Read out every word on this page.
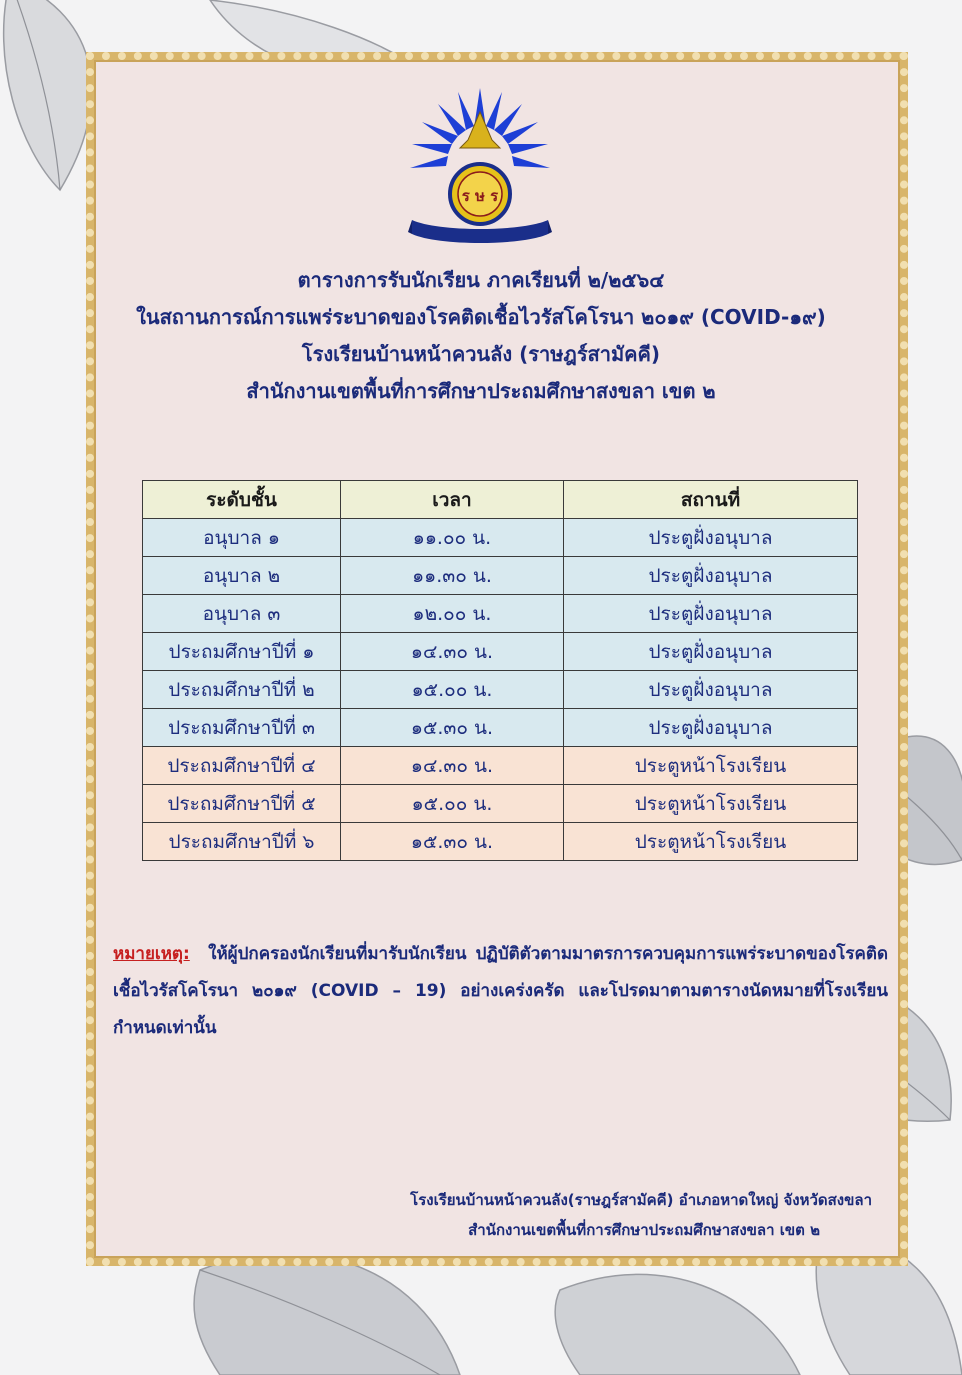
ร ษ ร
ตารางการรับนักเรียน ภาคเรียนที่ ๒/๒๕๖๔
ในสถานการณ์การแพร่ระบาดของโรคติดเชื้อไวรัสโคโรนา ๒๐๑๙ (COVID-๑๙)
โรงเรียนบ้านหน้าควนลัง (ราษฎร์สามัคคี)
สำนักงานเขตพื้นที่การศึกษาประถมศึกษาสงขลา เขต ๒
ระดับชั้น	เวลา	สถานที่
อนุบาล ๑	๑๑.๐๐ น.	ประตูฝั่งอนุบาล
อนุบาล ๒	๑๑.๓๐ น.	ประตูฝั่งอนุบาล
อนุบาล ๓	๑๒.๐๐ น.	ประตูฝั่งอนุบาล
ประถมศึกษาปีที่ ๑	๑๔.๓๐ น.	ประตูฝั่งอนุบาล
ประถมศึกษาปีที่ ๒	๑๕.๐๐ น.	ประตูฝั่งอนุบาล
ประถมศึกษาปีที่ ๓	๑๕.๓๐ น.	ประตูฝั่งอนุบาล
ประถมศึกษาปีที่ ๔	๑๔.๓๐ น.	ประตูหน้าโรงเรียน
ประถมศึกษาปีที่ ๕	๑๕.๐๐ น.	ประตูหน้าโรงเรียน
ประถมศึกษาปีที่ ๖	๑๕.๓๐ น.	ประตูหน้าโรงเรียน
หมายเหตุ: ให้ผู้ปกครองนักเรียนที่มารับนักเรียน ปฏิบัติตัวตามมาตรการควบคุมการแพร่ระบาดของโรคติดเชื้อไวรัสโคโรนา ๒๐๑๙ (COVID – 19) อย่างเคร่งครัด และโปรดมาตามตารางนัดหมายที่โรงเรียนกำหนดเท่านั้น
โรงเรียนบ้านหน้าควนลัง(ราษฎร์สามัคคี) อำเภอหาดใหญ่ จังหวัดสงขลา
สำนักงานเขตพื้นที่การศึกษาประถมศึกษาสงขลา เขต ๒
